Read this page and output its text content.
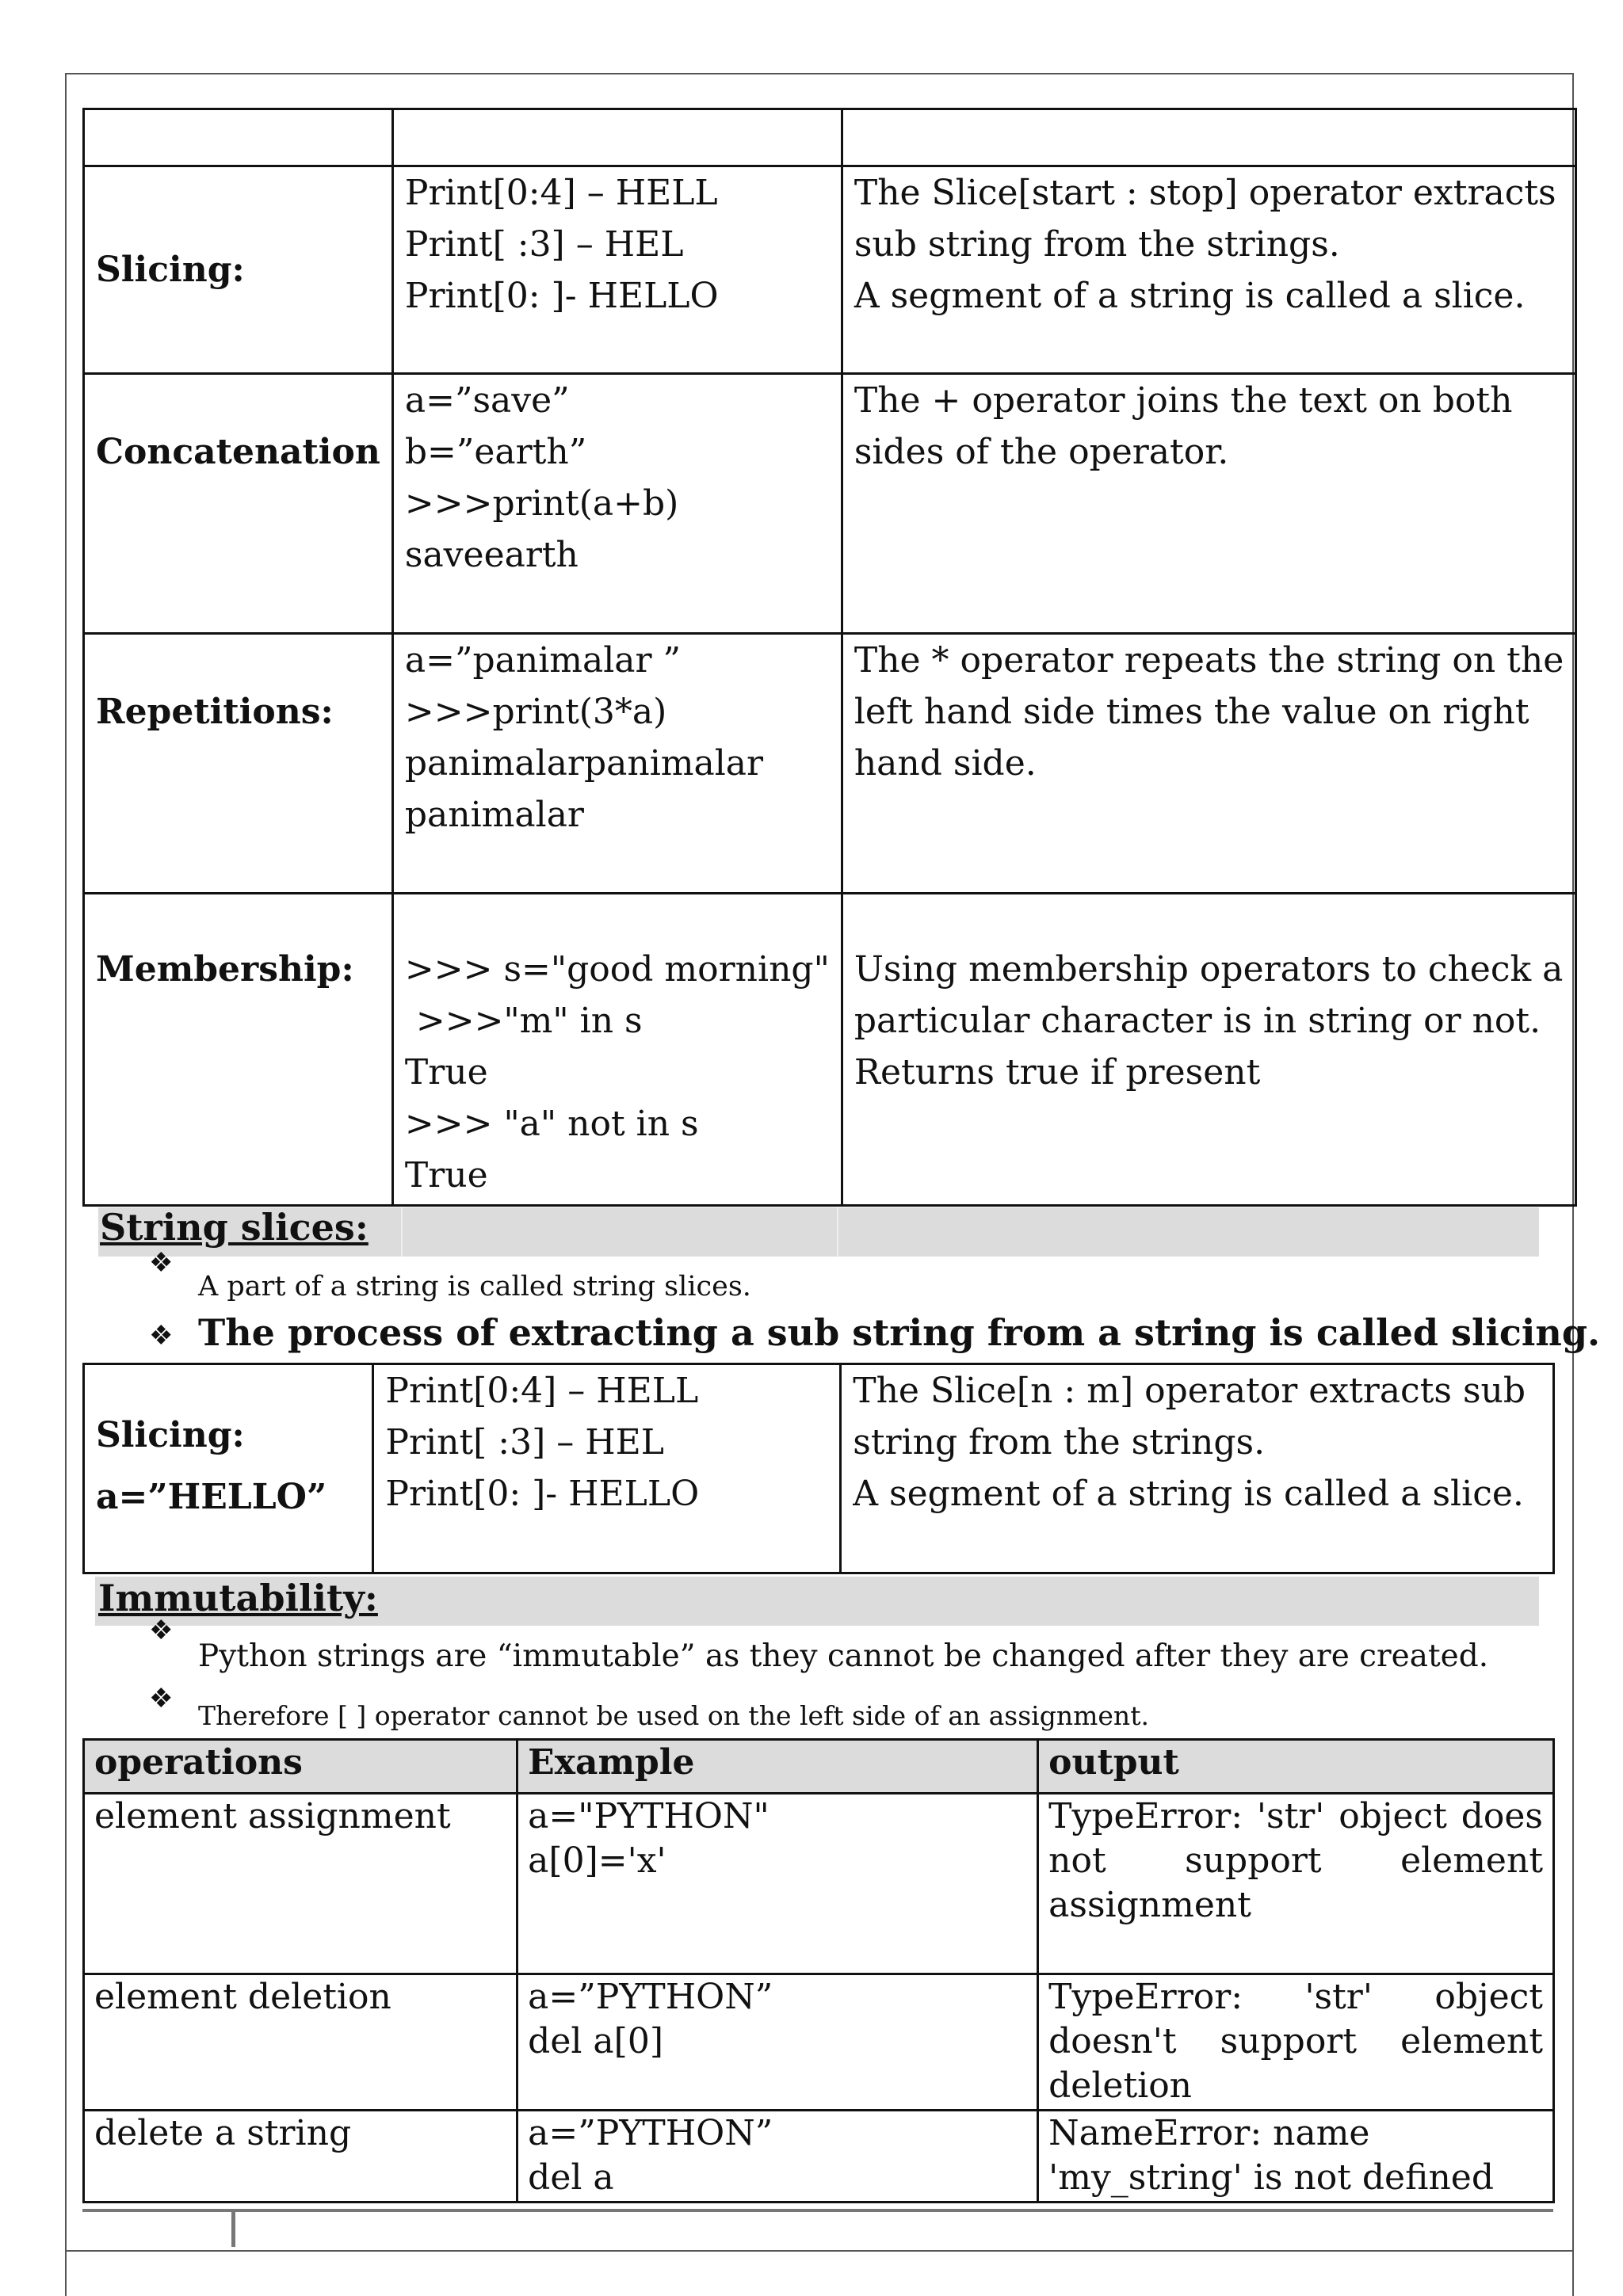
Slicing:	Print[0:4] – HELL
Print[ :3] – HEL
Print[0: ]- HELLO	The Slice[start : stop] operator extracts
sub string from the strings.
A segment of a string is called a slice.

Concatenation	a=”save”
b=”earth”
>>>print(a+b)
saveearth	The + operator joins the text on both
sides of the operator.

Repetitions:	a=”panimalar ”
>>>print(3*a)
panimalarpanimalar
panimalar	The * operator repeats the string on the
left hand side times the value on right
hand side.

Membership:	>>> s="good morning"
>>>"m" in s
True
>>> "a" not in s
True	Using membership operators to check a
particular character is in string or not.
Returns true if present
String slices:
❖
A part of a string is called string slices.
❖ The process of extracting a sub string from a string is called slicing.
Slicing:
a=”HELLO”

Print[0:4] – HELL
Print[ :3] – HEL
Print[0: ]- HELLO

The Slice[n : m] operator extracts sub
string from the strings.
A segment of a string is called a slice.
Immutability:
❖
Python strings are “immutable” as they cannot be changed after they are created.
❖
Therefore [ ] operator cannot be used on the left side of an assignment.
operations	Example	output
element assignment	a="PYTHON"
a[0]='x'	TypeError: 'str' object does not support element assignment
element deletion	a=”PYTHON”
del a[0]	TypeError: 'str' object doesn't support element deletion
delete a string	a=”PYTHON”
del a	NameError: name 'my_string' is not defined
